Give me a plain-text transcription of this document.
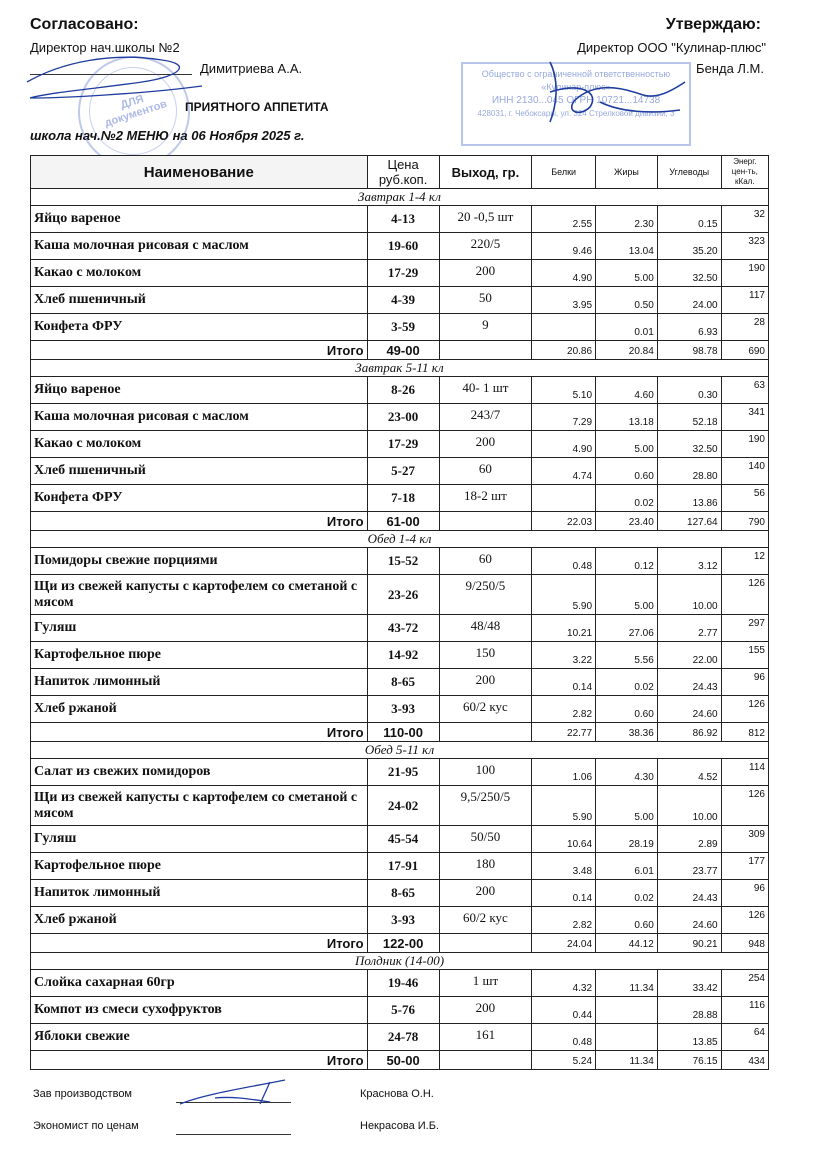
Согласовано:
Директор нач.школы №2
Димитриева А.А.
Утверждаю:
Директор ООО "Кулинар-плюс"
Бенда Л.М.
ПРИЯТНОГО АППЕТИТА
школа нач.№2 МЕНЮ на 06 Ноября 2025 г.
ДЛЯ документов
Общество с ограниченной ответственностью
«Кулинар-плюс»
ИНН 2130...045 ОГРН 10721...14738
428031, г. Чебоксары, ул. 324 Стрелковой дивизии, 3
Наименование	Цена руб.коп.	Выход, гр.	Белки	Жиры	Углеводы	Энерг. цен-ть, кКал.
Завтрак 1-4 кл						
Яйцо вареное	4-13	20 -0,5 шт	2.55	2.30	0.15	32
Каша молочная рисовая с маслом	19-60	220/5	9.46	13.04	35.20	323
Какао с молоком	17-29	200	4.90	5.00	32.50	190
Хлеб пшеничный	4-39	50	3.95	0.50	24.00	117
Конфета ФРУ	3-59	9		0.01	6.93	28
Итого	49-00		20.86	20.84	98.78	690
Завтрак 5-11 кл						
Яйцо вареное	8-26	40- 1 шт	5.10	4.60	0.30	63
Каша молочная рисовая с маслом	23-00	243/7	7.29	13.18	52.18	341
Какао с молоком	17-29	200	4.90	5.00	32.50	190
Хлеб пшеничный	5-27	60	4.74	0.60	28.80	140
Конфета ФРУ	7-18	18-2 шт		0.02	13.86	56
Итого	61-00		22.03	23.40	127.64	790
Обед 1-4 кл						
Помидоры свежие порциями	15-52	60	0.48	0.12	3.12	12
Щи из свежей капусты с картофелем со сметаной с мясом	23-26	9/250/5	5.90	5.00	10.00	126
Гуляш	43-72	48/48	10.21	27.06	2.77	297
Картофельное пюре	14-92	150	3.22	5.56	22.00	155
Напиток лимонный	8-65	200	0.14	0.02	24.43	96
Хлеб ржаной	3-93	60/2 кус	2.82	0.60	24.60	126
Итого	110-00		22.77	38.36	86.92	812
Обед 5-11 кл						
Салат из свежих помидоров	21-95	100	1.06	4.30	4.52	114
Щи из свежей капусты с картофелем со сметаной с мясом	24-02	9,5/250/5	5.90	5.00	10.00	126
Гуляш	45-54	50/50	10.64	28.19	2.89	309
Картофельное пюре	17-91	180	3.48	6.01	23.77	177
Напиток лимонный	8-65	200	0.14	0.02	24.43	96
Хлеб ржаной	3-93	60/2 кус	2.82	0.60	24.60	126
Итого	122-00		24.04	44.12	90.21	948
Полдник (14-00)						
Слойка сахарная 60гр	19-46	1 шт	4.32	11.34	33.42	254
Компот из смеси сухофруктов	5-76	200	0.44		28.88	116
Яблоки свежие	24-78	161	0.48		13.85	64
Итого	50-00		5.24	11.34	76.15	434
Зав производством	Краснова О.Н.
Экономист по ценам	Некрасова И.Б.
